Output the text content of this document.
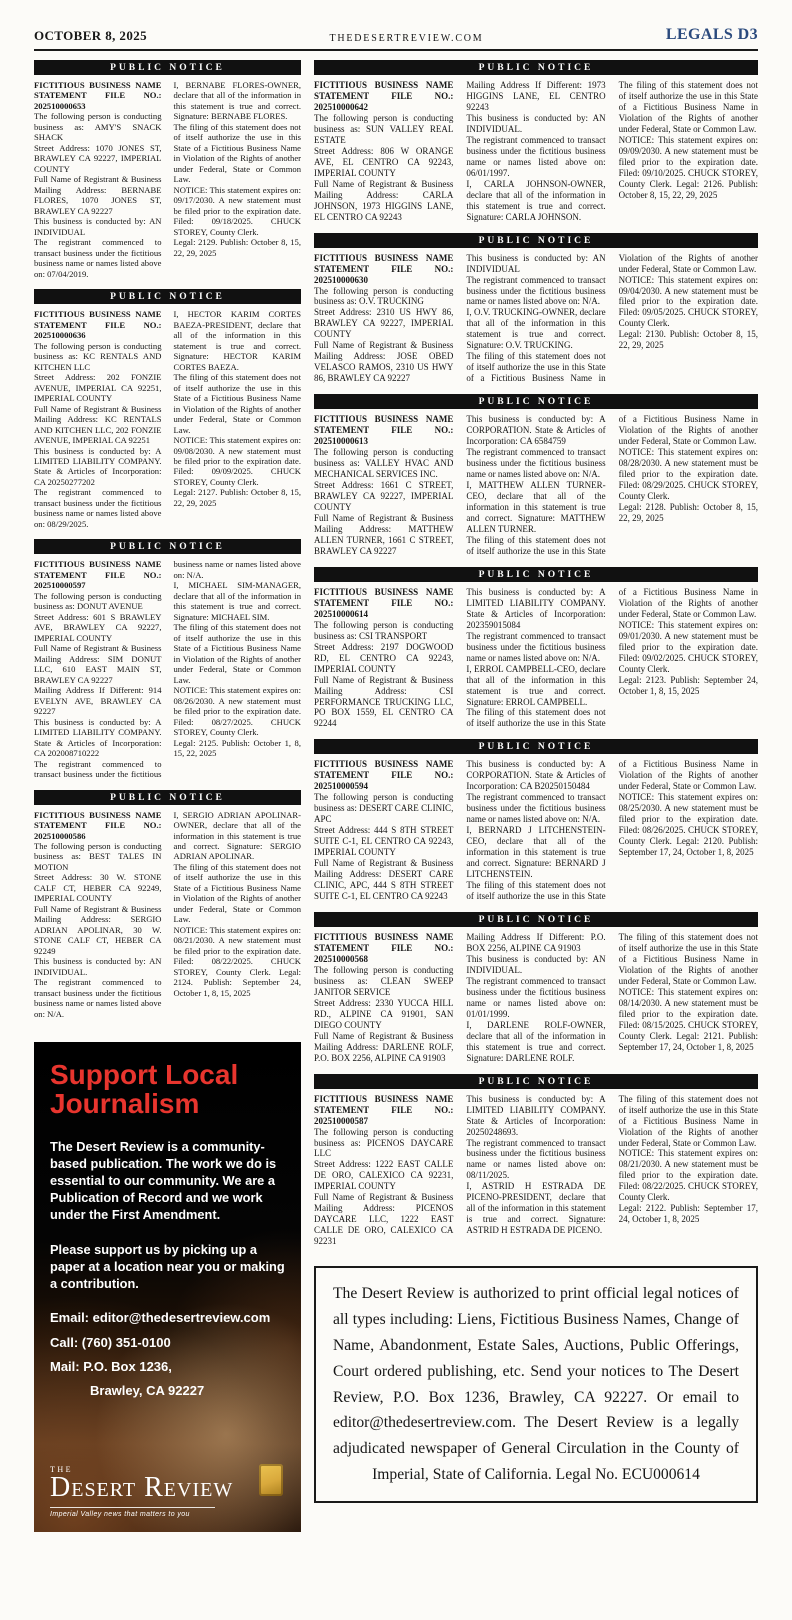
OCTOBER 8, 2025	THEDESERTREVIEW.COM	LEGALS D3
PUBLIC NOTICE
FICTITIOUS BUSINESS NAME STATEMENT FILE NO.: 202510000653

The following person is conducting business as: AMY'S SNACK SHACK

Street Address: 1070 JONES ST, BRAWLEY CA 92227, IMPERIAL COUNTY

Full Name of Registrant & Business Mailing Address: BERNABE FLORES, 1070 JONES ST, BRAWLEY CA 92227

This business is conducted by: AN INDIVIDUAL

The registrant commenced to transact business under the fictitious business name or names listed above on: 07/04/2019.

I, BERNABE FLORES-OWNER, declare that all of the information in this statement is true and correct. Signature: BERNABE FLORES.

The filing of this statement does not of itself authorize the use in this State of a Fictitious Business Name in Violation of the Rights of another under Federal, State or Common Law.

NOTICE: This statement expires on: 09/17/2030. A new statement must be filed prior to the expiration date. Filed: 09/18/2025. CHUCK STOREY, County Clerk.

Legal: 2129. Publish: October 8, 15, 22, 29, 2025

PUBLIC NOTICE
FICTITIOUS BUSINESS NAME STATEMENT FILE NO.: 202510000636

The following person is conducting business as: KC RENTALS AND KITCHEN LLC

Street Address: 202 FONZIE AVENUE, IMPERIAL CA 92251, IMPERIAL COUNTY

Full Name of Registrant & Business Mailing Address: KC RENTALS AND KITCHEN LLC, 202 FONZIE AVENUE, IMPERIAL CA 92251

This business is conducted by: A LIMITED LIABILITY COMPANY. State & Articles of Incorporation: CA 20250277202

The registrant commenced to transact business under the fictitious business name or names listed above on: 08/29/2025.

I, HECTOR KARIM CORTES BAEZA-PRESIDENT, declare that all of the information in this statement is true and correct. Signature: HECTOR KARIM CORTES BAEZA.

The filing of this statement does not of itself authorize the use in this State of a Fictitious Business Name in Violation of the Rights of another under Federal, State or Common Law.

NOTICE: This statement expires on: 09/08/2030. A new statement must be filed prior to the expiration date. Filed: 09/09/2025. CHUCK STOREY, County Clerk.

Legal: 2127. Publish: October 8, 15, 22, 29, 2025

PUBLIC NOTICE
FICTITIOUS BUSINESS NAME STATEMENT FILE NO.: 202510000597

The following person is conducting business as: DONUT AVENUE

Street Address: 601 S BRAWLEY AVE, BRAWLEY CA 92227, IMPERIAL COUNTY

Full Name of Registrant & Business Mailing Address: SIM DONUT LLC, 610 EAST MAIN ST, BRAWLEY CA 92227

Mailing Address If Different: 914 EVELYN AVE, BRAWLEY CA 92227

This business is conducted by: A LIMITED LIABILITY COMPANY. State & Articles of Incorporation: CA 202008710222

The registrant commenced to transact business under the fictitious business name or names listed above on: N/A.

I, MICHAEL SIM-MANAGER, declare that all of the information in this statement is true and correct. Signature: MICHAEL SIM.

The filing of this statement does not of itself authorize the use in this State of a Fictitious Business Name in Violation of the Rights of another under Federal, State or Common Law.

NOTICE: This statement expires on: 08/26/2030. A new statement must be filed prior to the expiration date. Filed: 08/27/2025. CHUCK STOREY, County Clerk.

Legal: 2125. Publish: October 1, 8, 15, 22, 2025

PUBLIC NOTICE
FICTITIOUS BUSINESS NAME STATEMENT FILE NO.: 202510000586

The following person is conducting business as: BEST TALES IN MOTION

Street Address: 30 W. STONE CALF CT, HEBER CA 92249, IMPERIAL COUNTY

Full Name of Registrant & Business Mailing Address: SERGIO ADRIAN APOLINAR, 30 W. STONE CALF CT, HEBER CA 92249

This business is conducted by: AN INDIVIDUAL.

The registrant commenced to transact business under the fictitious business name or names listed above on: N/A.

I, SERGIO ADRIAN APOLINAR-OWNER, declare that all of the information in this statement is true and correct. Signature: SERGIO ADRIAN APOLINAR.

The filing of this statement does not of itself authorize the use in this State of a Fictitious Business Name in Violation of the Rights of another under Federal, State or Common Law.

NOTICE: This statement expires on: 08/21/2030. A new statement must be filed prior to the expiration date. Filed: 08/22/2025. CHUCK STOREY, County Clerk. Legal: 2124. Publish: September 24, October 1, 8, 15, 2025

PUBLIC NOTICE
FICTITIOUS BUSINESS NAME STATEMENT FILE NO.: 202510000642

The following person is conducting business as: SUN VALLEY REAL ESTATE

Street Address: 806 W ORANGE AVE, EL CENTRO CA 92243, IMPERIAL COUNTY

Full Name of Registrant & Business Mailing Address: CARLA JOHNSON, 1973 HIGGINS LANE, EL CENTRO CA 92243

Mailing Address If Different: 1973 HIGGINS LANE, EL CENTRO 92243

This business is conducted by: AN INDIVIDUAL.

The registrant commenced to transact business under the fictitious business name or names listed above on: 06/01/1997.

I, CARLA JOHNSON-OWNER, declare that all of the information in this statement is true and correct. Signature: CARLA JOHNSON.

The filing of this statement does not of itself authorize the use in this State of a Fictitious Business Name in Violation of the Rights of another under Federal, State or Common Law.

NOTICE: This statement expires on: 09/09/2030. A new statement must be filed prior to the expiration date. Filed: 09/10/2025. CHUCK STOREY, County Clerk. Legal: 2126. Publish: October 8, 15, 22, 29, 2025

PUBLIC NOTICE
FICTITIOUS BUSINESS NAME STATEMENT FILE NO.: 202510000630

The following person is conducting business as: O.V. TRUCKING

Street Address: 2310 US HWY 86, BRAWLEY CA 92227, IMPERIAL COUNTY

Full Name of Registrant & Business Mailing Address: JOSE OBED VELASCO RAMOS, 2310 US HWY 86, BRAWLEY CA 92227

This business is conducted by: AN INDIVIDUAL

The registrant commenced to transact business under the fictitious business name or names listed above on: N/A.

I, O.V. TRUCKING-OWNER, declare that all of the information in this statement is true and correct. Signature: O.V. TRUCKING.

The filing of this statement does not of itself authorize the use in this State of a Fictitious Business Name in Violation of the Rights of another under Federal, State or Common Law.

NOTICE: This statement expires on: 09/04/2030. A new statement must be filed prior to the expiration date. Filed: 09/05/2025. CHUCK STOREY, County Clerk.

Legal: 2130. Publish: October 8, 15, 22, 29, 2025

PUBLIC NOTICE
FICTITIOUS BUSINESS NAME STATEMENT FILE NO.: 202510000613

The following person is conducting business as: VALLEY HVAC AND MECHANICAL SERVICES INC.

Street Address: 1661 C STREET, BRAWLEY CA 92227, IMPERIAL COUNTY

Full Name of Registrant & Business Mailing Address: MATTHEW ALLEN TURNER, 1661 C STREET, BRAWLEY CA 92227

This business is conducted by: A CORPORATION. State & Articles of Incorporation: CA 6584759

The registrant commenced to transact business under the fictitious business name or names listed above on: N/A.

I, MATTHEW ALLEN TURNER-CEO, declare that all of the information in this statement is true and correct. Signature: MATTHEW ALLEN TURNER.

The filing of this statement does not of itself authorize the use in this State of a Fictitious Business Name in Violation of the Rights of another under Federal, State or Common Law.

NOTICE: This statement expires on: 08/28/2030. A new statement must be filed prior to the expiration date. Filed: 08/29/2025. CHUCK STOREY, County Clerk.

Legal: 2128. Publish: October 8, 15, 22, 29, 2025

PUBLIC NOTICE
FICTITIOUS BUSINESS NAME STATEMENT FILE NO.: 202510000614

The following person is conducting business as: CSI TRANSPORT

Street Address: 2197 DOGWOOD RD, EL CENTRO CA 92243, IMPERIAL COUNTY

Full Name of Registrant & Business Mailing Address: CSI PERFORMANCE TRUCKING LLC, PO BOX 1559, EL CENTRO CA 92244

This business is conducted by: A LIMITED LIABILITY COMPANY. State & Articles of Incorporation: 202359015084

The registrant commenced to transact business under the fictitious business name or names listed above on: N/A.

I, ERROL CAMPBELL-CEO, declare that all of the information in this statement is true and correct. Signature: ERROL CAMPBELL.

The filing of this statement does not of itself authorize the use in this State of a Fictitious Business Name in Violation of the Rights of another under Federal, State or Common Law.

NOTICE: This statement expires on: 09/01/2030. A new statement must be filed prior to the expiration date. Filed: 09/02/2025. CHUCK STOREY, County Clerk.

Legal: 2123. Publish: September 24, October 1, 8, 15, 2025

PUBLIC NOTICE
FICTITIOUS BUSINESS NAME STATEMENT FILE NO.: 202510000594

The following person is conducting business as: DESERT CARE CLINIC, APC

Street Address: 444 S 8TH STREET SUITE C-1, EL CENTRO CA 92243, IMPERIAL COUNTY

Full Name of Registrant & Business Mailing Address: DESERT CARE CLINIC, APC, 444 S 8TH STREET SUITE C-1, EL CENTRO CA 92243

This business is conducted by: A CORPORATION. State & Articles of Incorporation: CA B20250150484

The registrant commenced to transact business under the fictitious business name or names listed above on: N/A.

I, BERNARD J LITCHENSTEIN-CEO, declare that all of the information in this statement is true and correct. Signature: BERNARD J LITCHENSTEIN.

The filing of this statement does not of itself authorize the use in this State of a Fictitious Business Name in Violation of the Rights of another under Federal, State or Common Law.

NOTICE: This statement expires on: 08/25/2030. A new statement must be filed prior to the expiration date. Filed: 08/26/2025. CHUCK STOREY, County Clerk. Legal: 2120. Publish: September 17, 24, October 1, 8, 2025

PUBLIC NOTICE
FICTITIOUS BUSINESS NAME STATEMENT FILE NO.: 202510000568

The following person is conducting business as: CLEAN SWEEP JANITOR SERVICE

Street Address: 2330 YUCCA HILL RD., ALPINE CA 91901, SAN DIEGO COUNTY

Full Name of Registrant & Business Mailing Address: DARLENE ROLF, P.O. BOX 2256, ALPINE CA 91903

Mailing Address If Different: P.O. BOX 2256, ALPINE CA 91903

This business is conducted by: AN INDIVIDUAL.

The registrant commenced to transact business under the fictitious business name or names listed above on: 01/01/1999.

I, DARLENE ROLF-OWNER, declare that all of the information in this statement is true and correct. Signature: DARLENE ROLF.

The filing of this statement does not of itself authorize the use in this State of a Fictitious Business Name in Violation of the Rights of another under Federal, State or Common Law.

NOTICE: This statement expires on: 08/14/2030. A new statement must be filed prior to the expiration date. Filed: 08/15/2025. CHUCK STOREY, County Clerk. Legal: 2121. Publish: September 17, 24, October 1, 8, 2025

PUBLIC NOTICE
FICTITIOUS BUSINESS NAME STATEMENT FILE NO.: 202510000587

The following person is conducting business as: PICENOS DAYCARE LLC

Street Address: 1222 EAST CALLE DE ORO, CALEXICO CA 92231, IMPERIAL COUNTY

Full Name of Registrant & Business Mailing Address: PICENOS DAYCARE LLC, 1222 EAST CALLE DE ORO, CALEXICO CA 92231

This business is conducted by: A LIMITED LIABILITY COMPANY. State & Articles of Incorporation: 20250248693.

The registrant commenced to transact business under the fictitious business name or names listed above on: 08/11/2025.

I, ASTRID H ESTRADA DE PICENO-PRESIDENT, declare that all of the information in this statement is true and correct. Signature: ASTRID H ESTRADA DE PICENO.

The filing of this statement does not of itself authorize the use in this State of a Fictitious Business Name in Violation of the Rights of another under Federal, State or Common Law.

NOTICE: This statement expires on: 08/21/2030. A new statement must be filed prior to the expiration date. Filed: 08/22/2025. CHUCK STOREY, County Clerk.

Legal: 2122. Publish: September 17, 24, October 1, 8, 2025

Support Local Journalism

The Desert Review is a community-based publication. The work we do is essential to our community. We are a Publication of Record and we work under the First Amendment.

Please support us by picking up a paper at a location near you or making a contribution.

Email: editor@thedesertreview.com

Call: (760) 351-0100

Mail: P.O. Box 1236,

Brawley, CA 92227

THE
Desert Review
Imperial Valley news that matters to you

The Desert Review is authorized to print official legal notices of all types including: Liens, Fictitious Business Names, Change of Name, Abandonment, Estate Sales, Auctions, Public Offerings, Court ordered publishing, etc. Send your notices to The Desert Review, P.O. Box 1236, Brawley, CA 92227. Or email to editor@thedesertreview.com. The Desert Review is a legally adjudicated newspaper of General Circulation in the County of Imperial, State of California. Legal No. ECU000614
